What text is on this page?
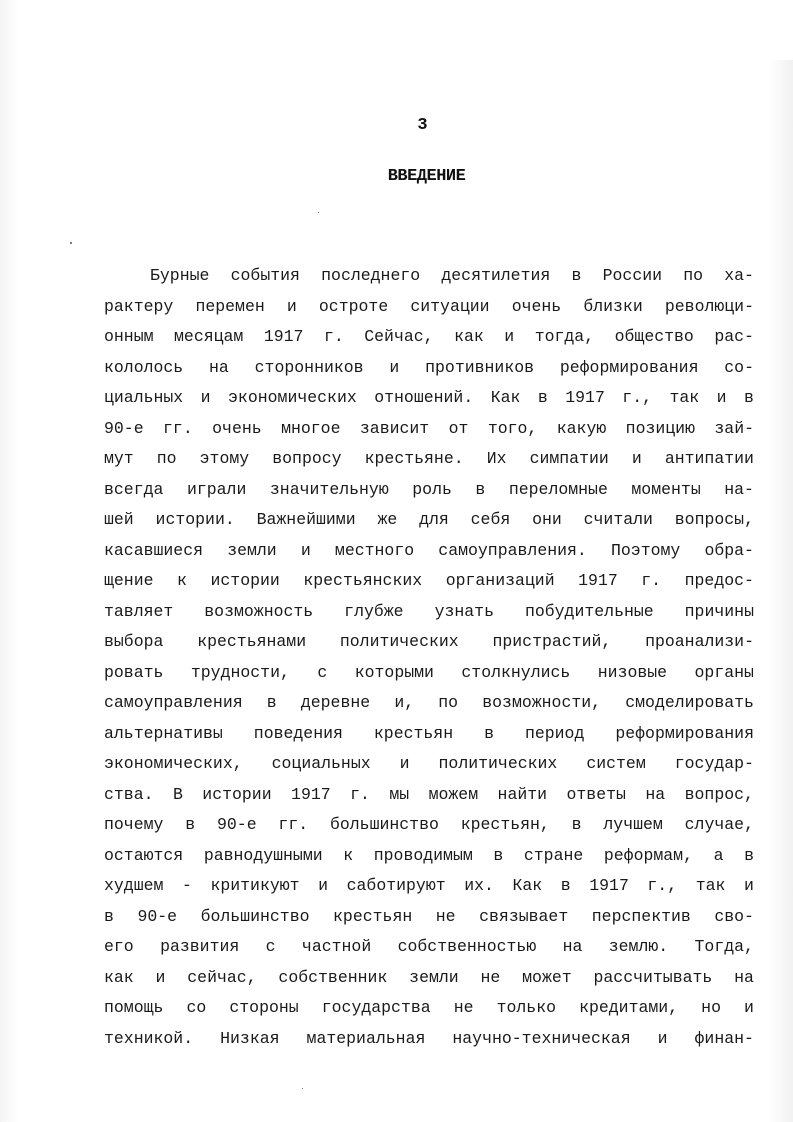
3
ВВЕДЕНИЕ
Бурные события последнего десятилетия в России по ха-
рактеру перемен и остроте ситуации очень близки революци-
онным месяцам 1917 г. Сейчас, как и тогда, общество рас-
кололось на сторонников и противников реформирования со-
циальных и экономических отношений. Как в 1917 г., так и в
90-е гг. очень многое зависит от того, какую позицию зай-
мут по этому вопросу крестьяне. Их симпатии и антипатии
всегда играли значительную роль в переломные моменты на-
шей истории. Важнейшими же для себя они считали вопросы,
касавшиеся земли и местного самоуправления. Поэтому обра-
щение к истории крестьянских организаций 1917 г. предос-
тавляет возможность глубже узнать побудительные причины
выбора крестьянами политических пристрастий, проанализи-
ровать трудности, с которыми столкнулись низовые органы
самоуправления в деревне и, по возможности, смоделировать
альтернативы поведения крестьян в период реформирования
экономических, социальных и политических систем государ-
ства. В истории 1917 г. мы можем найти ответы на вопрос,
почему в 90-е гг. большинство крестьян, в лучшем случае,
остаются равнодушными к проводимым в стране реформам, а в
худшем - критикуют и саботируют их. Как в 1917 г., так и
в 90-е большинство крестьян не связывает перспектив сво-
его развития с частной собственностью на землю. Тогда,
как и сейчас, собственник земли не может рассчитывать на
помощь со стороны государства не только кредитами, но и
техникой. Низкая материальная научно-техническая и финан-
